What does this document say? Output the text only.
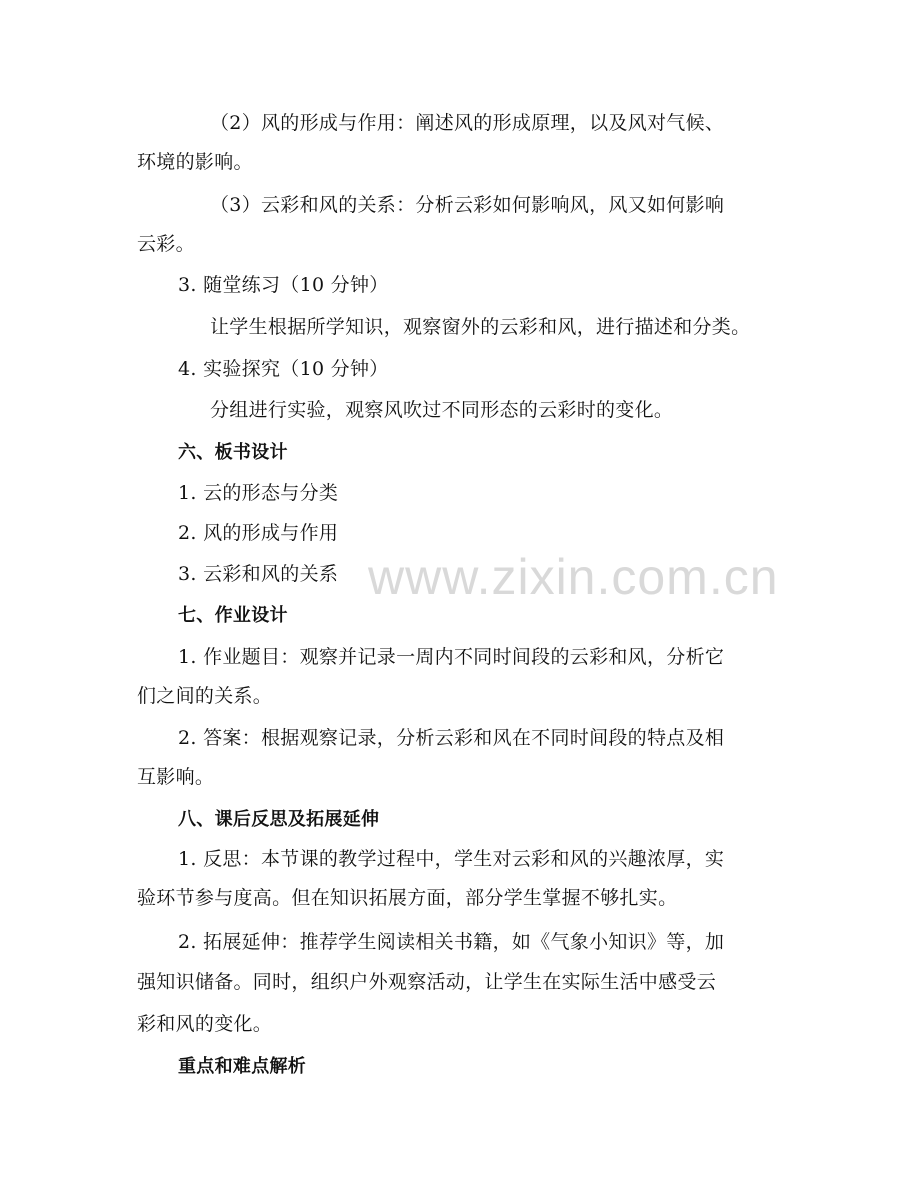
www.zixin.com.cn
（2）风的形成与作用：阐述风的形成原理，以及风对气候、
环境的影响。
（3）云彩和风的关系：分析云彩如何影响风，风又如何影响
云彩。
3. 随堂练习（10 分钟）
让学生根据所学知识，观察窗外的云彩和风，进行描述和分类。
4. 实验探究（10 分钟）
分组进行实验，观察风吹过不同形态的云彩时的变化。
六、板书设计
1. 云的形态与分类
2. 风的形成与作用
3. 云彩和风的关系
七、作业设计
1. 作业题目：观察并记录一周内不同时间段的云彩和风，分析它
们之间的关系。
2. 答案：根据观察记录，分析云彩和风在不同时间段的特点及相
互影响。
八、课后反思及拓展延伸
1. 反思：本节课的教学过程中，学生对云彩和风的兴趣浓厚，实
验环节参与度高。但在知识拓展方面，部分学生掌握不够扎实。
2. 拓展延伸：推荐学生阅读相关书籍，如《气象小知识》等，加
强知识储备。同时，组织户外观察活动，让学生在实际生活中感受云
彩和风的变化。
重点和难点解析
